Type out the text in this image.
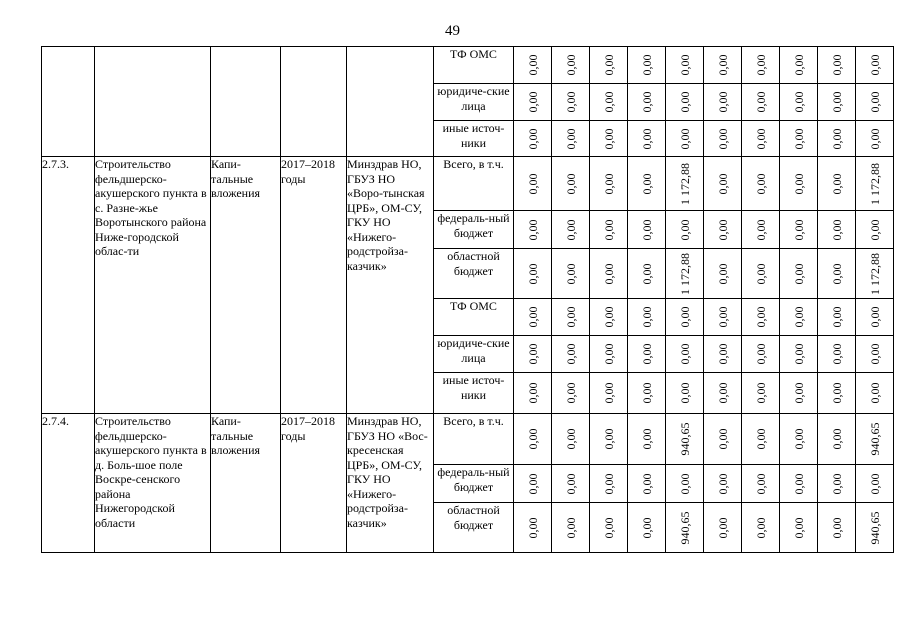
49
					ТФ ОМС	0,00	0,00	0,00	0,00	0,00	0,00	0,00	0,00	0,00	0,00

					юридиче-ские лица	0,00	0,00	0,00	0,00	0,00	0,00	0,00	0,00	0,00	0,00

					иные источ-ники	0,00	0,00	0,00	0,00	0,00	0,00	0,00	0,00	0,00	0,00

2.7.3.	Строительство фельдшерско-акушерского пункта в с. Разне-жье Воротынского района Ниже-городской облас-ти	Капи-тальные вложения	2017–2018 годы	Минздрав НО, ГБУЗ НО «Воро-тынская ЦРБ», ОМ-СУ, ГКУ НО «Нижего-родстройза-казчик»	Всего, в т.ч.	0,00	0,00	0,00	0,00	1 172,88	0,00	0,00	0,00	0,00	1 172,88

					федераль-ный бюджет	0,00	0,00	0,00	0,00	0,00	0,00	0,00	0,00	0,00	0,00

					областной бюджет	0,00	0,00	0,00	0,00	1 172,88	0,00	0,00	0,00	0,00	1 172,88

					ТФ ОМС	0,00	0,00	0,00	0,00	0,00	0,00	0,00	0,00	0,00	0,00

					юридиче-ские лица	0,00	0,00	0,00	0,00	0,00	0,00	0,00	0,00	0,00	0,00

					иные источ-ники	0,00	0,00	0,00	0,00	0,00	0,00	0,00	0,00	0,00	0,00

2.7.4.	Строительство фельдшерско-акушерского пункта в д. Боль-шое поле Воскре-сенского района Нижегородской области	Капи-тальные вложения	2017–2018 годы	Минздрав НО, ГБУЗ НО «Вос-кресенская ЦРБ», ОМ-СУ, ГКУ НО «Нижего-родстройза-казчик»	Всего, в т.ч.	0,00	0,00	0,00	0,00	940,65	0,00	0,00	0,00	0,00	940,65

					федераль-ный бюджет	0,00	0,00	0,00	0,00	0,00	0,00	0,00	0,00	0,00	0,00

					областной бюджет	0,00	0,00	0,00	0,00	940,65	0,00	0,00	0,00	0,00	940,65
